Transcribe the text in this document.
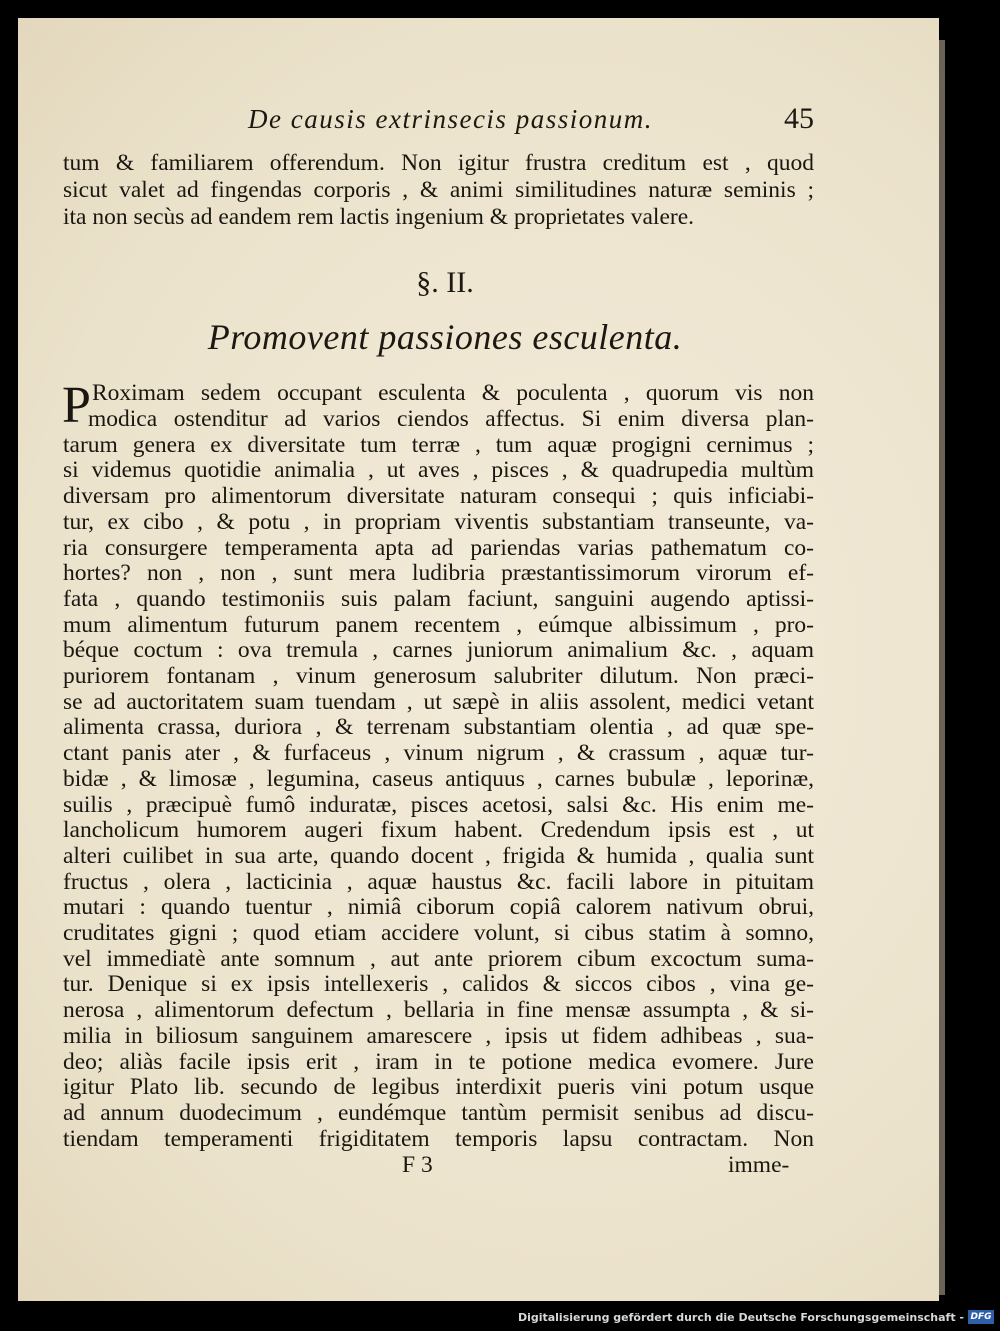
De causis extrinsecis passionum.	45
tum & familiarem offerendum. Non igitur frustra creditum est , quod
sicut valet ad fingendas corporis , & animi similitudines naturæ seminis ;
ita non secùs ad eandem rem lactis ingenium & proprietates valere.
§. II.
Promovent passiones esculenta.
P Roximam sedem occupant esculenta & poculenta , quorum vis non
modica ostenditur ad varios ciendos affectus. Si enim diversa plan-
tarum genera ex diversitate tum terræ , tum aquæ progigni cernimus ;
si videmus quotidie animalia , ut aves , pisces , & quadrupedia multùm
diversam pro alimentorum diversitate naturam consequi ; quis inficiabi-
tur, ex cibo , & potu , in propriam viventis substantiam transeunte, va-
ria consurgere temperamenta apta ad pariendas varias pathematum co-
hortes? non , non , sunt mera ludibria præstantissimorum virorum ef-
fata , quando testimoniis suis palam faciunt, sanguini augendo aptissi-
mum alimentum futurum panem recentem , eúmque albissimum , pro-
béque coctum : ova tremula , carnes juniorum animalium &c. , aquam
puriorem fontanam , vinum generosum salubriter dilutum. Non præci-
se ad auctoritatem suam tuendam , ut sæpè in aliis assolent, medici vetant
alimenta crassa, duriora , & terrenam substantiam olentia , ad quæ spe-
ctant panis ater , & furfaceus , vinum nigrum , & crassum , aquæ tur-
bidæ , & limosæ , legumina, caseus antiquus , carnes bubulæ , leporinæ,
suilis , præcipuè fumô induratæ, pisces acetosi, salsi &c. His enim me-
lancholicum humorem augeri fixum habent. Credendum ipsis est , ut
alteri cuilibet in sua arte, quando docent , frigida & humida , qualia sunt
fructus , olera , lacticinia , aquæ haustus &c. facili labore in pituitam
mutari : quando tuentur , nimiâ ciborum copiâ calorem nativum obrui,
cruditates gigni ; quod etiam accidere volunt, si cibus statim à somno,
vel immediatè ante somnum , aut ante priorem cibum excoctum suma-
tur. Denique si ex ipsis intellexeris , calidos & siccos cibos , vina ge-
nerosa , alimentorum defectum , bellaria in fine mensæ assumpta , & si-
milia in biliosum sanguinem amarescere , ipsis ut fidem adhibeas , sua-
deo; aliàs facile ipsis erit , iram in te potione medica evomere. Jure
igitur Plato lib. secundo de legibus interdixit pueris vini potum usque
ad annum duodecimum , eundémque tantùm permisit senibus ad discu-
tiendam temperamenti frigiditatem temporis lapsu contractam. Non
F 3	imme-
Digitalisierung gefördert durch die Deutsche Forschungsgemeinschaft - DFG
